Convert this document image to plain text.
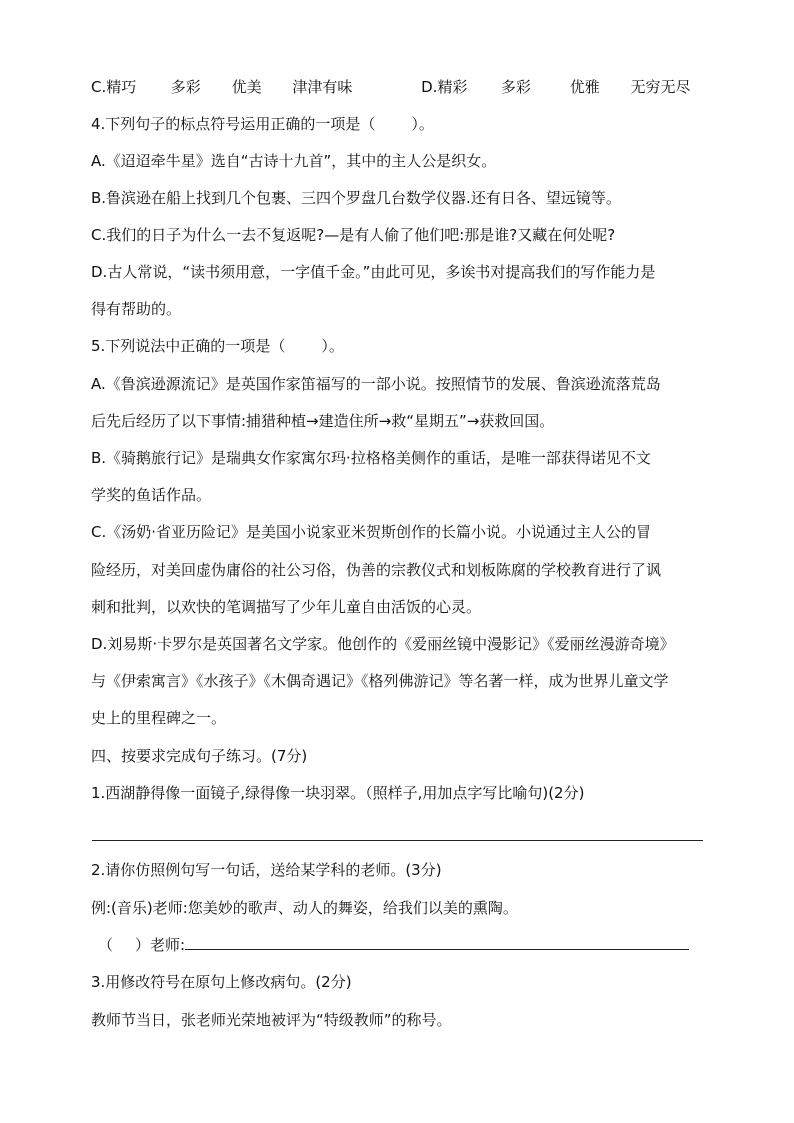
C.精巧 多彩 优美 津津有味	D.精彩 多彩	优雅 无穷无尽
4.下列句子的标点符号运用正确的一项是（ ）。
A.《迢迢牵牛星》选自“古诗十九首”，其中的主人公是织女。
B.鲁滨逊在船上找到几个包裹、三四个罗盘几台数学仪器.还有日各、望远镜等。
C.我们的日子为什么一去不复返呢?—是有人偷了他们吧:那是谁?又藏在何处呢?
D.古人常说，“读书须用意，一字值千金。”由此可见，多诶书对提高我们的写作能力是
得有帮助的。
5.下列说法中正确的一项是（ ）。
A.《鲁滨逊源流记》是英国作家笛福写的一部小说。按照情节的发展、鲁滨逊流落荒岛
后先后经历了以下事情:捕猎种植→建造住所→救“星期五”→获救回国。
B.《骑鹅旅行记》是瑞典女作家寓尔玛·拉格格美侧作的重话，是唯一部获得诺见不文
学奖的鱼话作品。
C.《汤奶·省亚历险记》是美国小说家亚米贺斯创作的长篇小说。小说通过主人公的冒
险经历，对美回虚伪庸俗的社公习俗，伪善的宗教仪式和划板陈腐的学校教育进行了讽
刺和批判，以欢快的笔调描写了少年儿童自由活饭的心灵。
D.刘易斯·卡罗尔是英国著名文学家。他创作的《爱丽丝镜中漫影记》《爱丽丝漫游奇境》
与《伊索寓言》《水孩子》《木偶奇遇记》《格列佛游记》等名著一样，成为世界儿童文学
史上的里程碑之一。
四、按要求完成句子练习。(7分)
1.西湖静得像一面镜子,绿得像一块羽翠。（照样子,用加点字写比喻句)(2分)
2.请你仿照例句写一句话，送给某学科的老师。(3分)
例:(音乐)老师:您美妙的歌声、动人的舞姿，给我们以美的熏陶。
（ ）老师:
3.用修改符号在原句上修改病句。(2分)
教师节当日，张老师光荣地被评为“特级教师”的称号。
